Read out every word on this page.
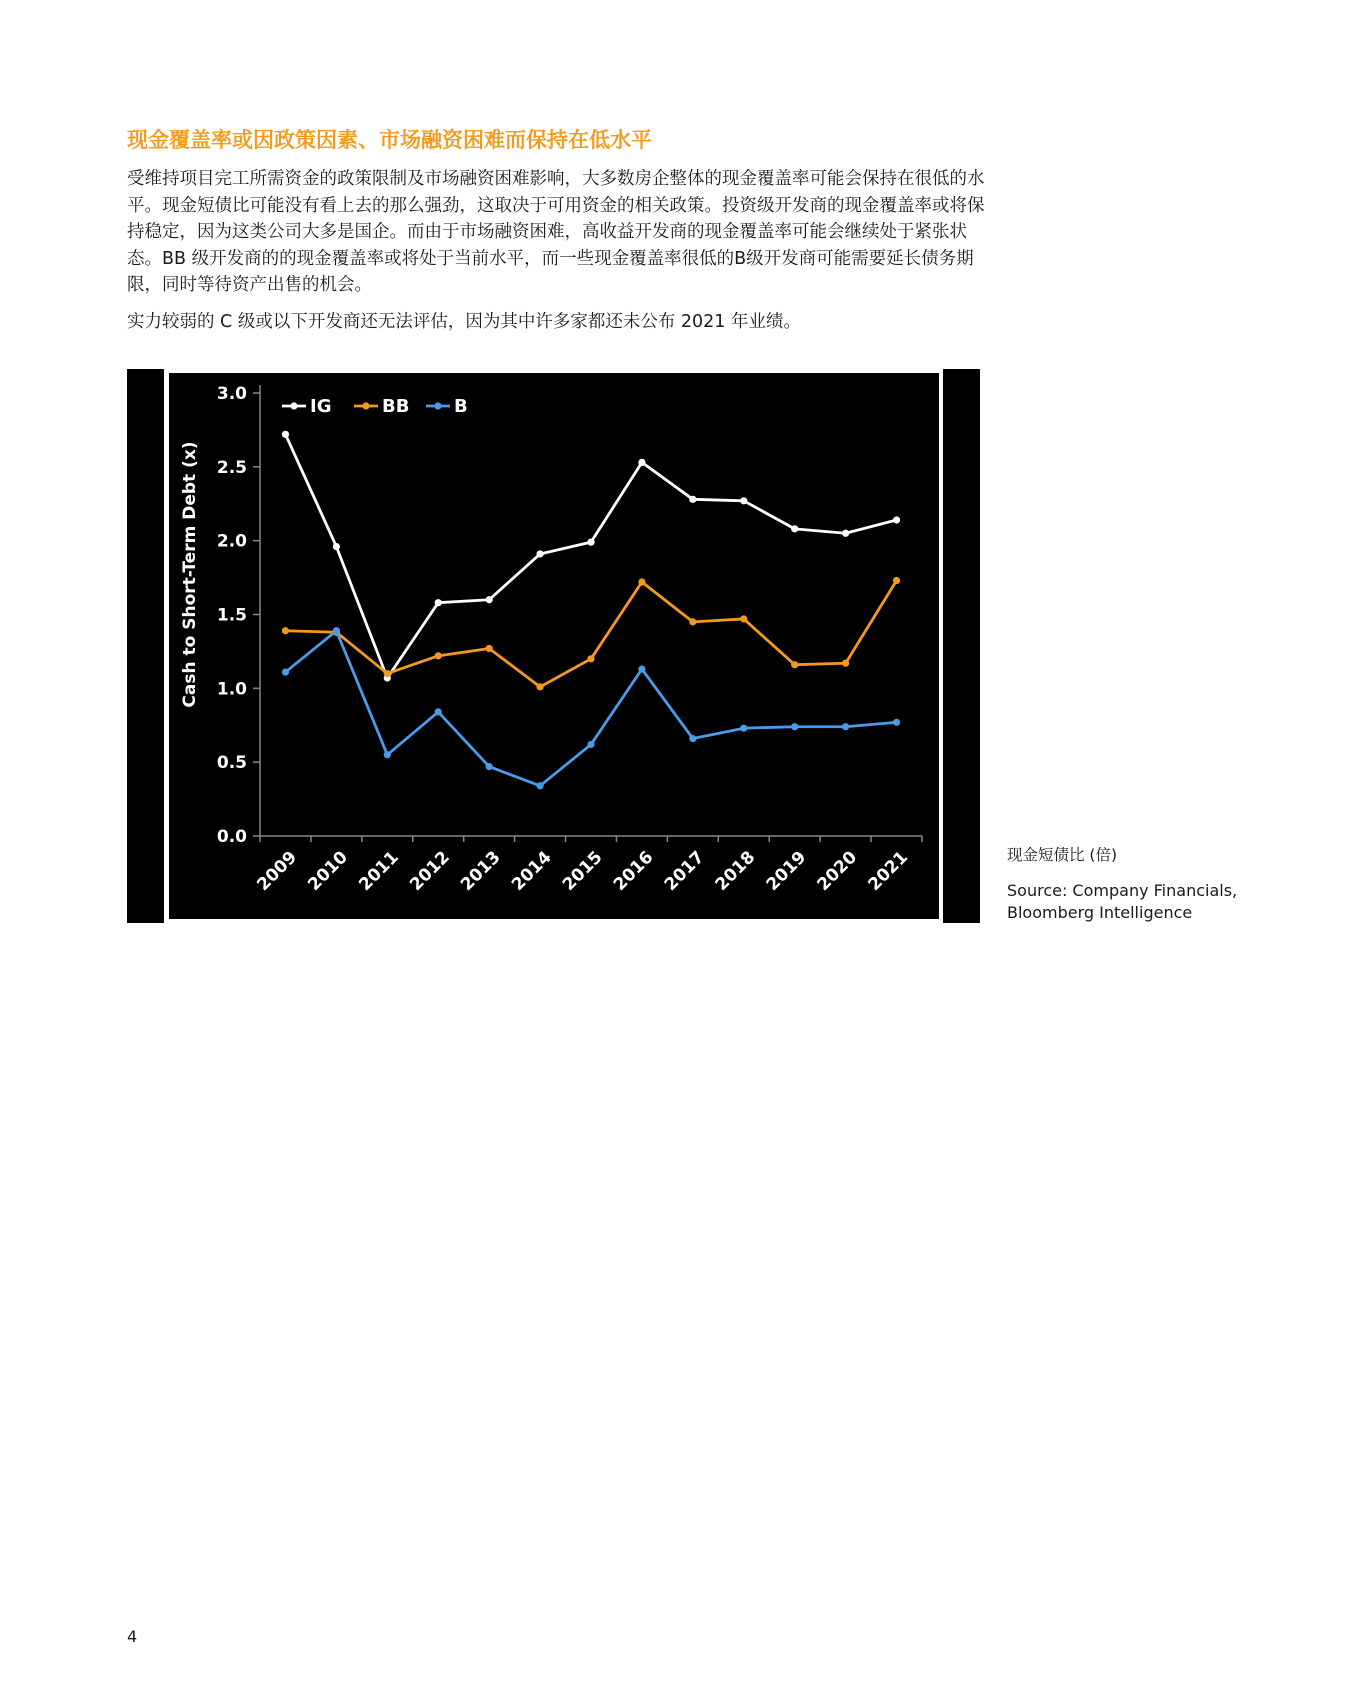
现金覆盖率或因政策因素、市场融资困难而保持在低水平
受维持项目完工所需资金的政策限制及市场融资困难影响，大多数房企整体的现金覆盖率可能会保持在很低的水平。现金短债比可能没有看上去的那么强劲，这取决于可用资金的相关政策。投资级开发商的现金覆盖率或将保持稳定，因为这类公司大多是国企。而由于市场融资困难，高收益开发商的现金覆盖率可能会继续处于紧张状态。BB 级开发商的的现金覆盖率或将处于当前水平，而一些现金覆盖率很低的B级开发商可能需要延长债务期限，同时等待资产出售的机会。
实力较弱的 C 级或以下开发商还无法评估，因为其中许多家都还未公布 2021 年业绩。
0.0
0.5
1.0
1.5
2.0
2.5
3.0
2009 2010 2011 2012 2013 2014 2015 2016 2017 2018 2019 2020 2021
Cash to Short-Term Debt (x)
IG	BB B
现金短债比 (倍)
Source: Company Financials, Bloomberg Intelligence
4
